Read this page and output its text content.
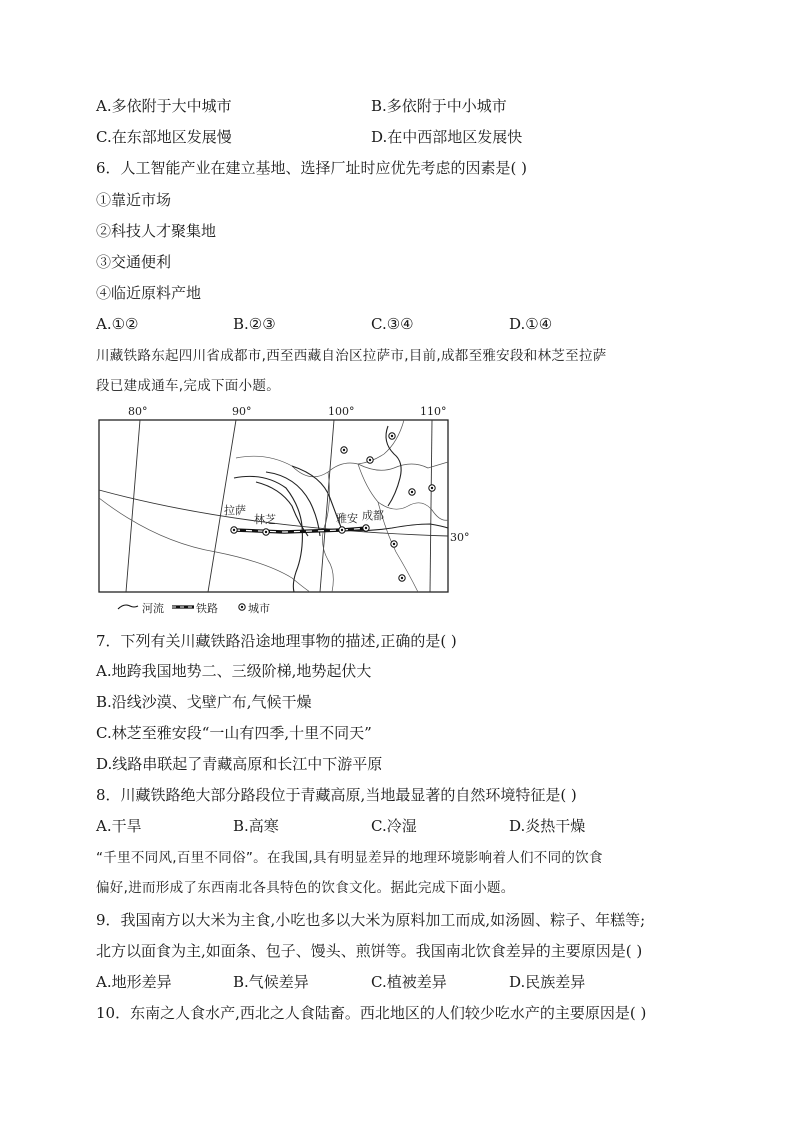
A.多依附于大中城市	B.多依附于中小城市
C.在东部地区发展慢	D.在中西部地区发展快
6．人工智能产业在建立基地、选择厂址时应优先考虑的因素是( )
①靠近市场
②科技人才聚集地
③交通便利
④临近原料产地
A.①②	B.②③	C.③④	D.①④
川藏铁路东起四川省成都市,西至西藏自治区拉萨市,目前,成都至雅安段和林芝至拉萨
段已建成通车,完成下面小题。
80°	90°	100°	110°
拉萨
林芝	雅安 成都
30°
河流	铁路	城市
7．下列有关川藏铁路沿途地理事物的描述,正确的是( )
A.地跨我国地势二、三级阶梯,地势起伏大
B.沿线沙漠、戈壁广布,气候干燥
C.林芝至雅安段“一山有四季,十里不同天”
D.线路串联起了青藏高原和长江中下游平原
8．川藏铁路绝大部分路段位于青藏高原,当地最显著的自然环境特征是( )
A.干旱	B.高寒	C.冷湿	D.炎热干燥
“千里不同风,百里不同俗”。在我国,具有明显差异的地理环境影响着人们不同的饮食
偏好,进而形成了东西南北各具特色的饮食文化。据此完成下面小题。
9．我国南方以大米为主食,小吃也多以大米为原料加工而成,如汤圆、粽子、年糕等;
北方以面食为主,如面条、包子、馒头、煎饼等。我国南北饮食差异的主要原因是( )
A.地形差异	B.气候差异	C.植被差异	D.民族差异
10．东南之人食水产,西北之人食陆畜。西北地区的人们较少吃水产的主要原因是( )
